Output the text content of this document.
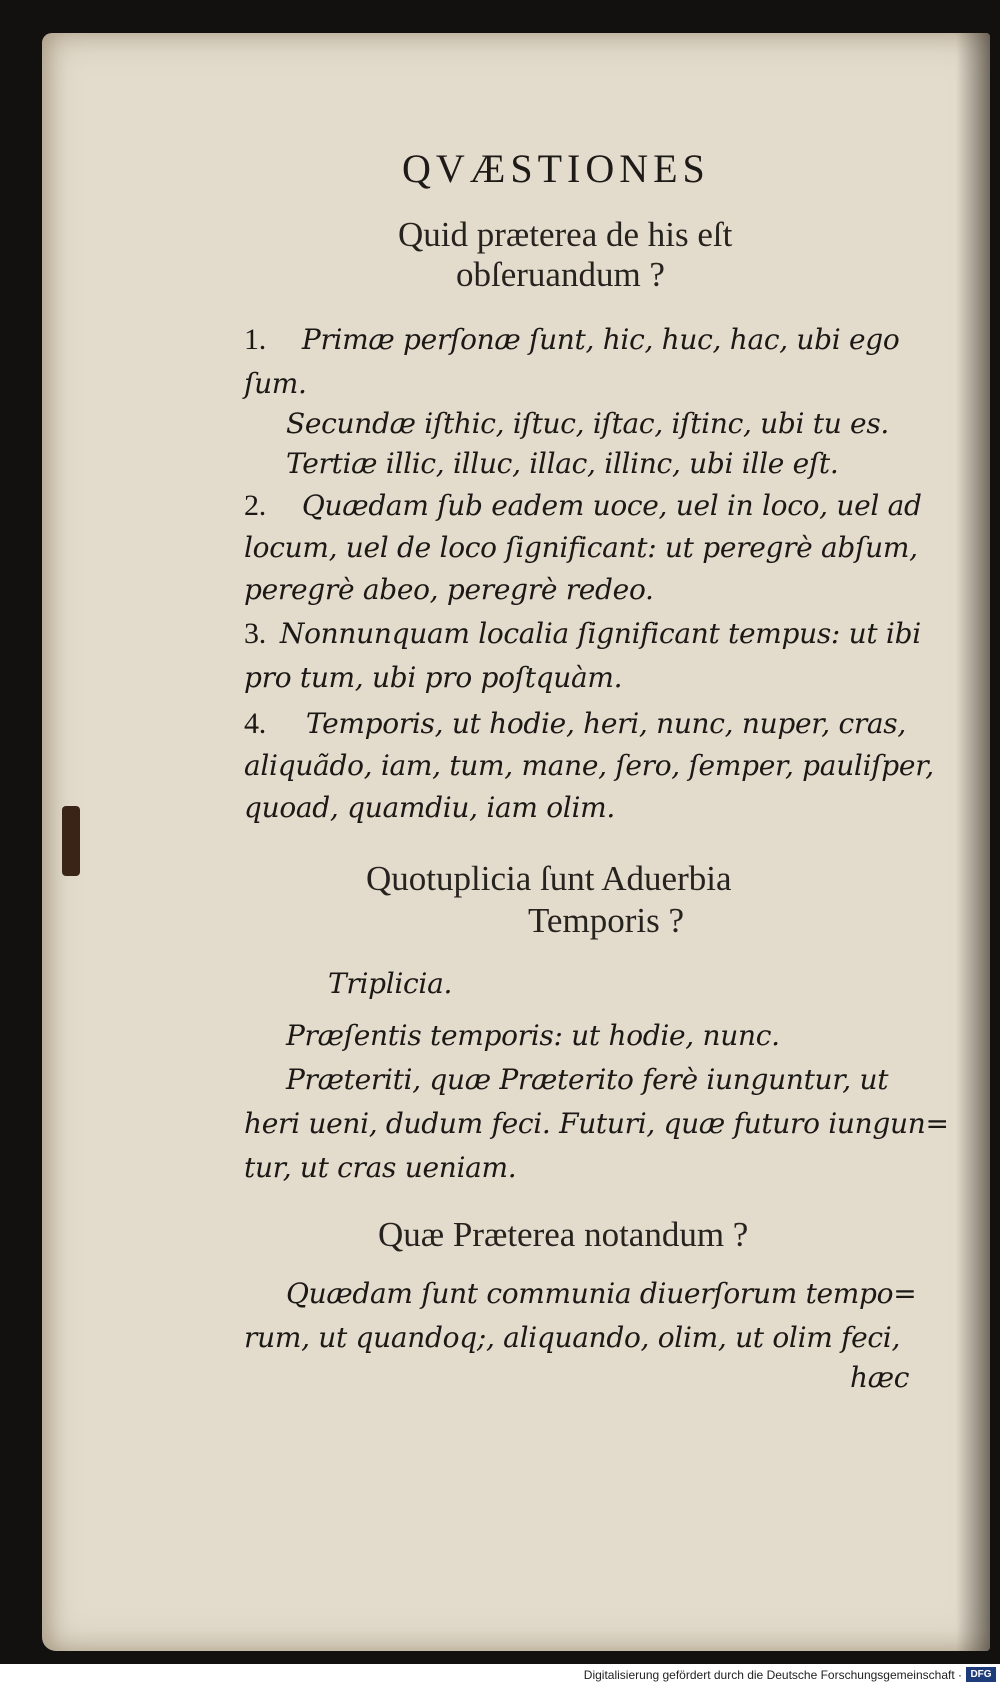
QVÆSTIONES
Quid præterea de his eſt
obſeruandum ?
1. Primæ perſonæ ſunt, hic, huc, hac, ubi ego
ſum.
Secundæ iſthic, iſtuc, iſtac, iſtinc, ubi tu es.
Tertiæ illic, illuc, illac, illinc, ubi ille eſt.
2. Quædam ſub eadem uoce, uel in loco, uel ad
locum, uel de loco ſignificant: ut peregrè abſum,
peregrè abeo, peregrè redeo.
3. Nonnunquam localia ſignificant tempus: ut ibi
pro tum, ubi pro poſtquàm.
4. Temporis, ut hodie, heri, nunc, nuper, cras,
aliquãdo, iam, tum, mane, ſero, ſemper, pauliſper,
quoad, quamdiu, iam olim.
Quotuplicia ſunt Aduerbia
Temporis ?
Triplicia.
Præſentis temporis: ut hodie, nunc.
Præteriti, quæ Præterito ferè iunguntur, ut
heri ueni, dudum feci. Futuri, quæ futuro iungun=
tur, ut cras ueniam.
Quæ Præterea notandum ?
Quædam ſunt communia diuerſorum tempo=
rum, ut quandoq;, aliquando, olim, ut olim feci,
hæc
Digitalisierung gefördert durch die Deutsche Forschungsgemeinschaft · DFG
